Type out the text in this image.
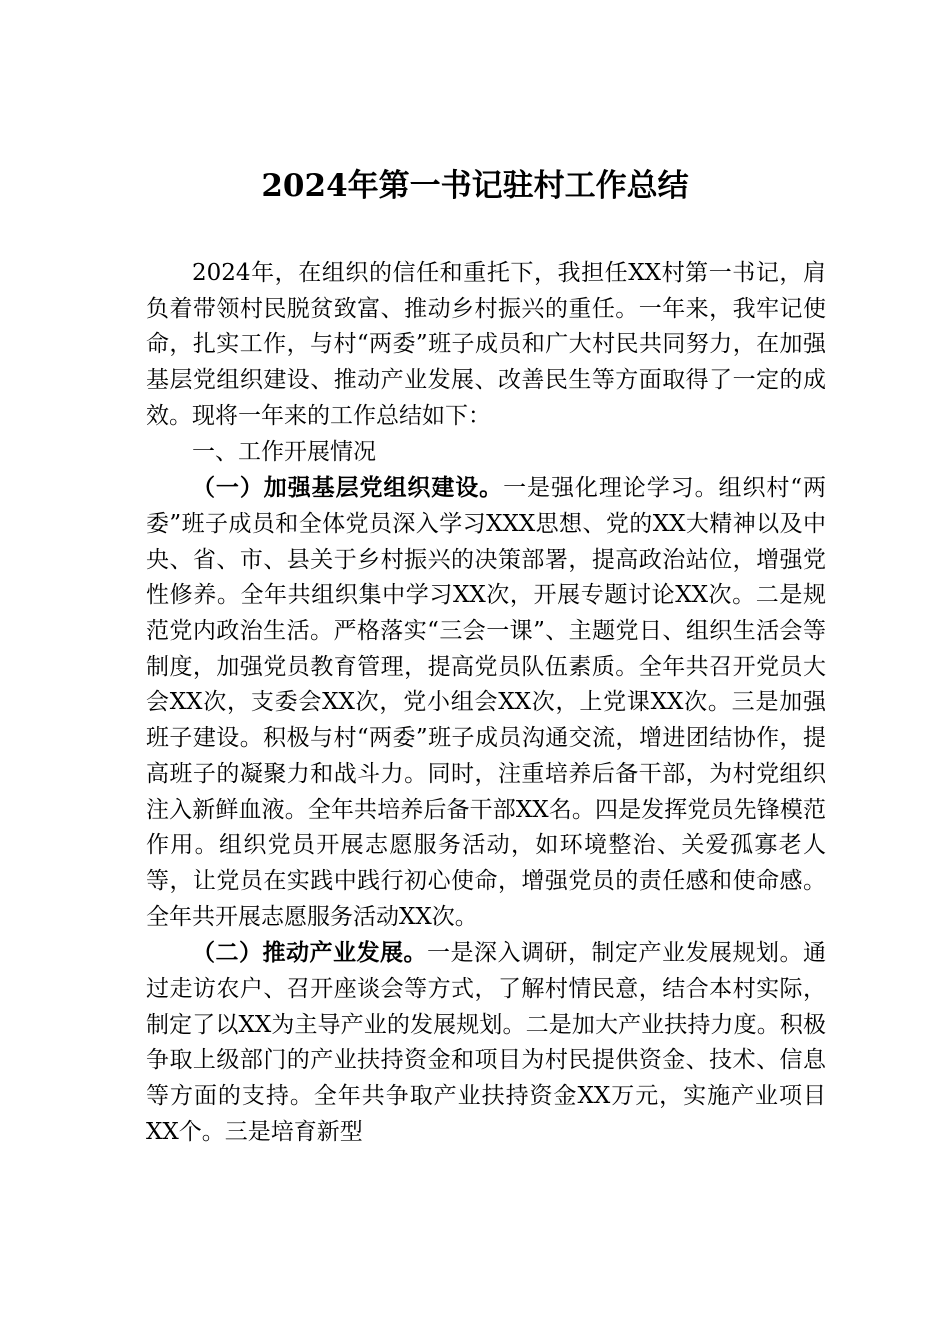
2024年第一书记驻村工作总结

2024年，在组织的信任和重托下，我担任XX村第一书记，肩负着带领村民脱贫致富、推动乡村振兴的重任。一年来，我牢记使命，扎实工作，与村“两委”班子成员和广大村民共同努力，在加强基层党组织建设、推动产业发展、改善民生等方面取得了一定的成效。现将一年来的工作总结如下：

一、工作开展情况

（一）加强基层党组织建设。一是强化理论学习。组织村“两委”班子成员和全体党员深入学习XXX思想、党的XX大精神以及中央、省、市、县关于乡村振兴的决策部署，提高政治站位，增强党性修养。全年共组织集中学习XX次，开展专题讨论XX次。二是规范党内政治生活。严格落实“三会一课”、主题党日、组织生活会等制度，加强党员教育管理，提高党员队伍素质。全年共召开党员大会XX次，支委会XX次，党小组会XX次，上党课XX次。三是加强班子建设。积极与村“两委”班子成员沟通交流，增进团结协作，提高班子的凝聚力和战斗力。同时，注重培养后备干部，为村党组织注入新鲜血液。全年共培养后备干部XX名。四是发挥党员先锋模范作用。组织党员开展志愿服务活动，如环境整治、关爱孤寡老人等，让党员在实践中践行初心使命，增强党员的责任感和使命感。全年共开展志愿服务活动XX次。

（二）推动产业发展。一是深入调研，制定产业发展规划。通过走访农户、召开座谈会等方式，了解村情民意，结合本村实际，制定了以XX为主导产业的发展规划。二是加大产业扶持力度。积极争取上级部门的产业扶持资金和项目为村民提供资金、技术、信息等方面的支持。全年共争取产业扶持资金XX万元，实施产业项目XX个。三是培育新型
